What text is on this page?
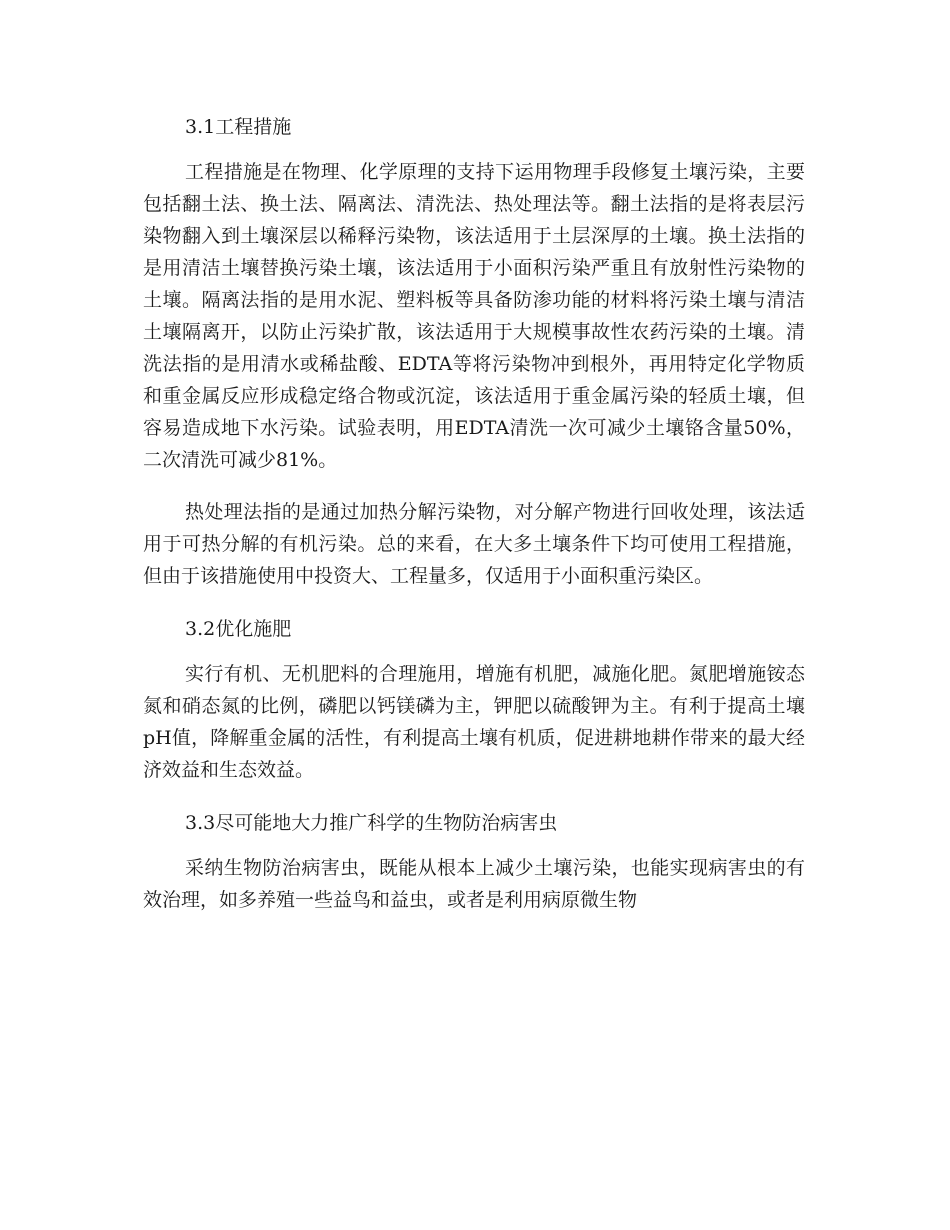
3.1工程措施

工程措施是在物理、化学原理的支持下运用物理手段修复土壤污染，主要包括翻土法、换土法、隔离法、清洗法、热处理法等。翻土法指的是将表层污染物翻入到土壤深层以稀释污染物，该法适用于土层深厚的土壤。换土法指的是用清洁土壤替换污染土壤，该法适用于小面积污染严重且有放射性污染物的土壤。隔离法指的是用水泥、塑料板等具备防渗功能的材料将污染土壤与清洁土壤隔离开，以防止污染扩散，该法适用于大规模事故性农药污染的土壤。清洗法指的是用清水或稀盐酸、EDTA等将污染物冲到根外，再用特定化学物质和重金属反应形成稳定络合物或沉淀，该法适用于重金属污染的轻质土壤，但容易造成地下水污染。试验表明，用EDTA清洗一次可减少土壤铬含量50%，二次清洗可减少81%。

热处理法指的是通过加热分解污染物，对分解产物进行回收处理，该法适用于可热分解的有机污染。总的来看，在大多土壤条件下均可使用工程措施，但由于该措施使用中投资大、工程量多，仅适用于小面积重污染区。

3.2优化施肥

实行有机、无机肥料的合理施用，增施有机肥，减施化肥。氮肥增施铵态氮和硝态氮的比例，磷肥以钙镁磷为主，钾肥以硫酸钾为主。有利于提高土壤pH值，降解重金属的活性，有利提高土壤有机质，促进耕地耕作带来的最大经济效益和生态效益。

3.3尽可能地大力推广科学的生物防治病害虫

采纳生物防治病害虫，既能从根本上减少土壤污染，也能实现病害虫的有效治理，如多养殖一些益鸟和益虫，或者是利用病原微生物
